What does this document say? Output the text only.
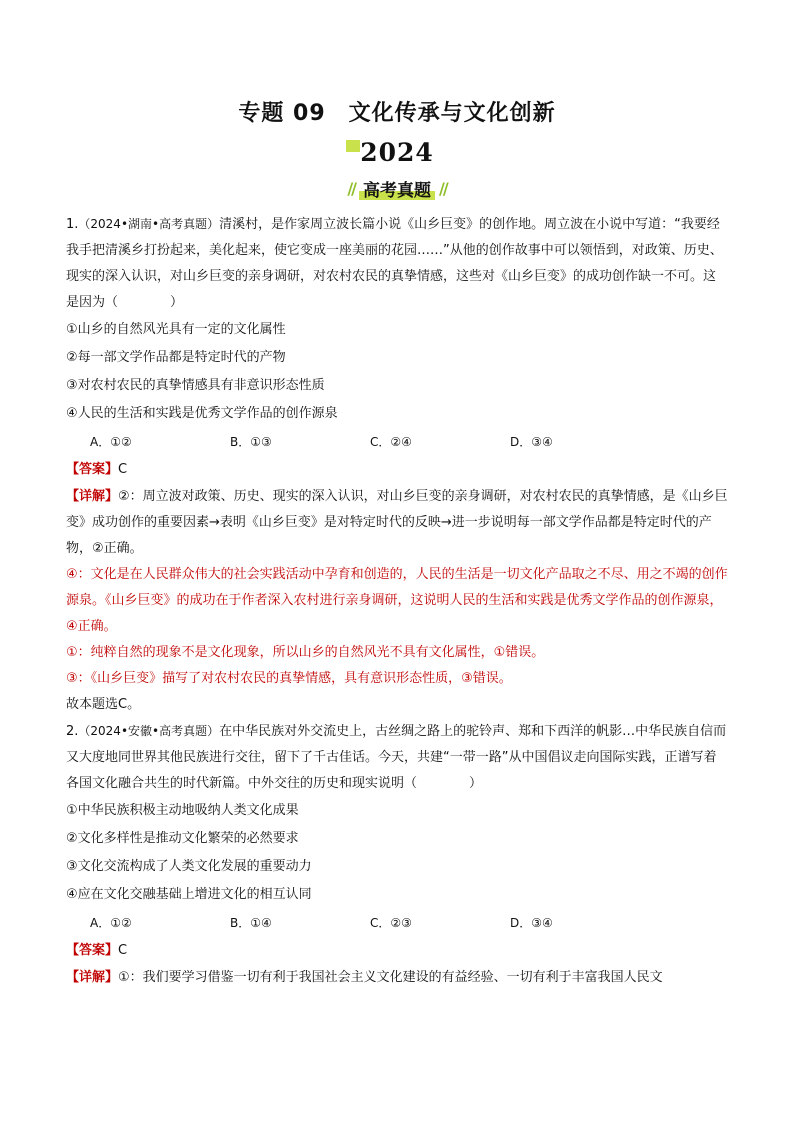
专题 09　文化传承与文化创新
2024
// 高考真题 //

1.（2024•湖南•高考真题）清溪村，是作家周立波长篇小说《山乡巨变》的创作地。周立波在小说中写道：“我要经我手把清溪乡打扮起来，美化起来，使它变成一座美丽的花园……”从他的创作故事中可以领悟到，对政策、历史、现实的深入认识，对山乡巨变的亲身调研，对农村农民的真挚情感，这些对《山乡巨变》的成功创作缺一不可。这是因为（　　　　）

①山乡的自然风光具有一定的文化属性

②每一部文学作品都是特定时代的产物

③对农村农民的真挚情感具有非意识形态性质

④人民的生活和实践是优秀文学作品的创作源泉

A．①②	B．①③	C．②④	D．③④

【答案】C

【详解】②：周立波对政策、历史、现实的深入认识，对山乡巨变的亲身调研，对农村农民的真挚情感，是《山乡巨变》成功创作的重要因素→表明《山乡巨变》是对特定时代的反映→进一步说明每一部文学作品都是特定时代的产物，②正确。

④：文化是在人民群众伟大的社会实践活动中孕育和创造的，人民的生活是一切文化产品取之不尽、用之不竭的创作源泉。《山乡巨变》的成功在于作者深入农村进行亲身调研，这说明人民的生活和实践是优秀文学作品的创作源泉，④正确。

①：纯粹自然的现象不是文化现象，所以山乡的自然风光不具有文化属性，①错误。

③：《山乡巨变》描写了对农村农民的真挚情感，具有意识形态性质，③错误。

故本题选C。

2.（2024•安徽•高考真题）在中华民族对外交流史上，古丝绸之路上的驼铃声、郑和下西洋的帆影…中华民族自信而又大度地同世界其他民族进行交往，留下了千古佳话。今天，共建“一带一路”从中国倡议走向国际实践，正谱写着各国文化融合共生的时代新篇。中外交往的历史和现实说明（　　　　）

①中华民族积极主动地吸纳人类文化成果

②文化多样性是推动文化繁荣的必然要求

③文化交流构成了人类文化发展的重要动力

④应在文化交融基础上增进文化的相互认同

A．①②	B．①④	C．②③	D．③④

【答案】C

【详解】①：我们要学习借鉴一切有利于我国社会主义文化建设的有益经验、一切有利于丰富我国人民文
